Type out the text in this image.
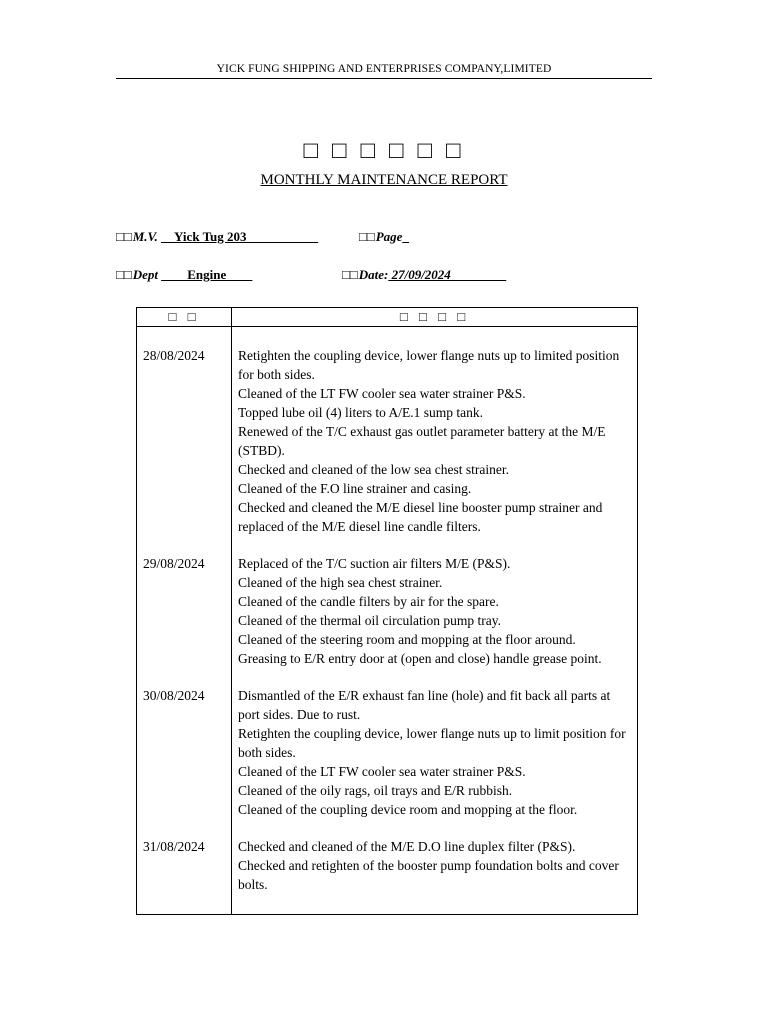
YICK FUNG SHIPPING AND ENTERPRISES COMPANY,LIMITED
□ □ □ □ □ □
MONTHLY MAINTENANCE REPORT
□□M.V. __Yick Tug 203___________	□□Page_
□□Dept ____Engine____	□□Date: 27/09/2024 ________
□ □	□ □ □ □
28/08/2024	Retighten the coupling device, lower flange nuts up to limited position for both sides.
Cleaned of the LT FW cooler sea water strainer P&S.
Topped lube oil (4) liters to A/E.1 sump tank.
Renewed of the T/C exhaust gas outlet parameter battery at the M/E (STBD).
Checked and cleaned of the low sea chest strainer.
Cleaned of the F.O line strainer and casing.
Checked and cleaned the M/E diesel line booster pump strainer and replaced of the M/E diesel line candle filters.
29/08/2024	Replaced of the T/C suction air filters M/E (P&S).
Cleaned of the high sea chest strainer.
Cleaned of the candle filters by air for the spare.
Cleaned of the thermal oil circulation pump tray.
Cleaned of the steering room and mopping at the floor around.
Greasing to E/R entry door at (open and close) handle grease point.
30/08/2024	Dismantled of the E/R exhaust fan line (hole) and fit back all parts at port sides. Due to rust.
Retighten the coupling device, lower flange nuts up to limit position for both sides.
Cleaned of the LT FW cooler sea water strainer P&S.
Cleaned of the oily rags, oil trays and E/R rubbish.
Cleaned of the coupling device room and mopping at the floor.
31/08/2024	Checked and cleaned of the M/E D.O line duplex filter (P&S).
Checked and retighten of the booster pump foundation bolts and cover bolts.
